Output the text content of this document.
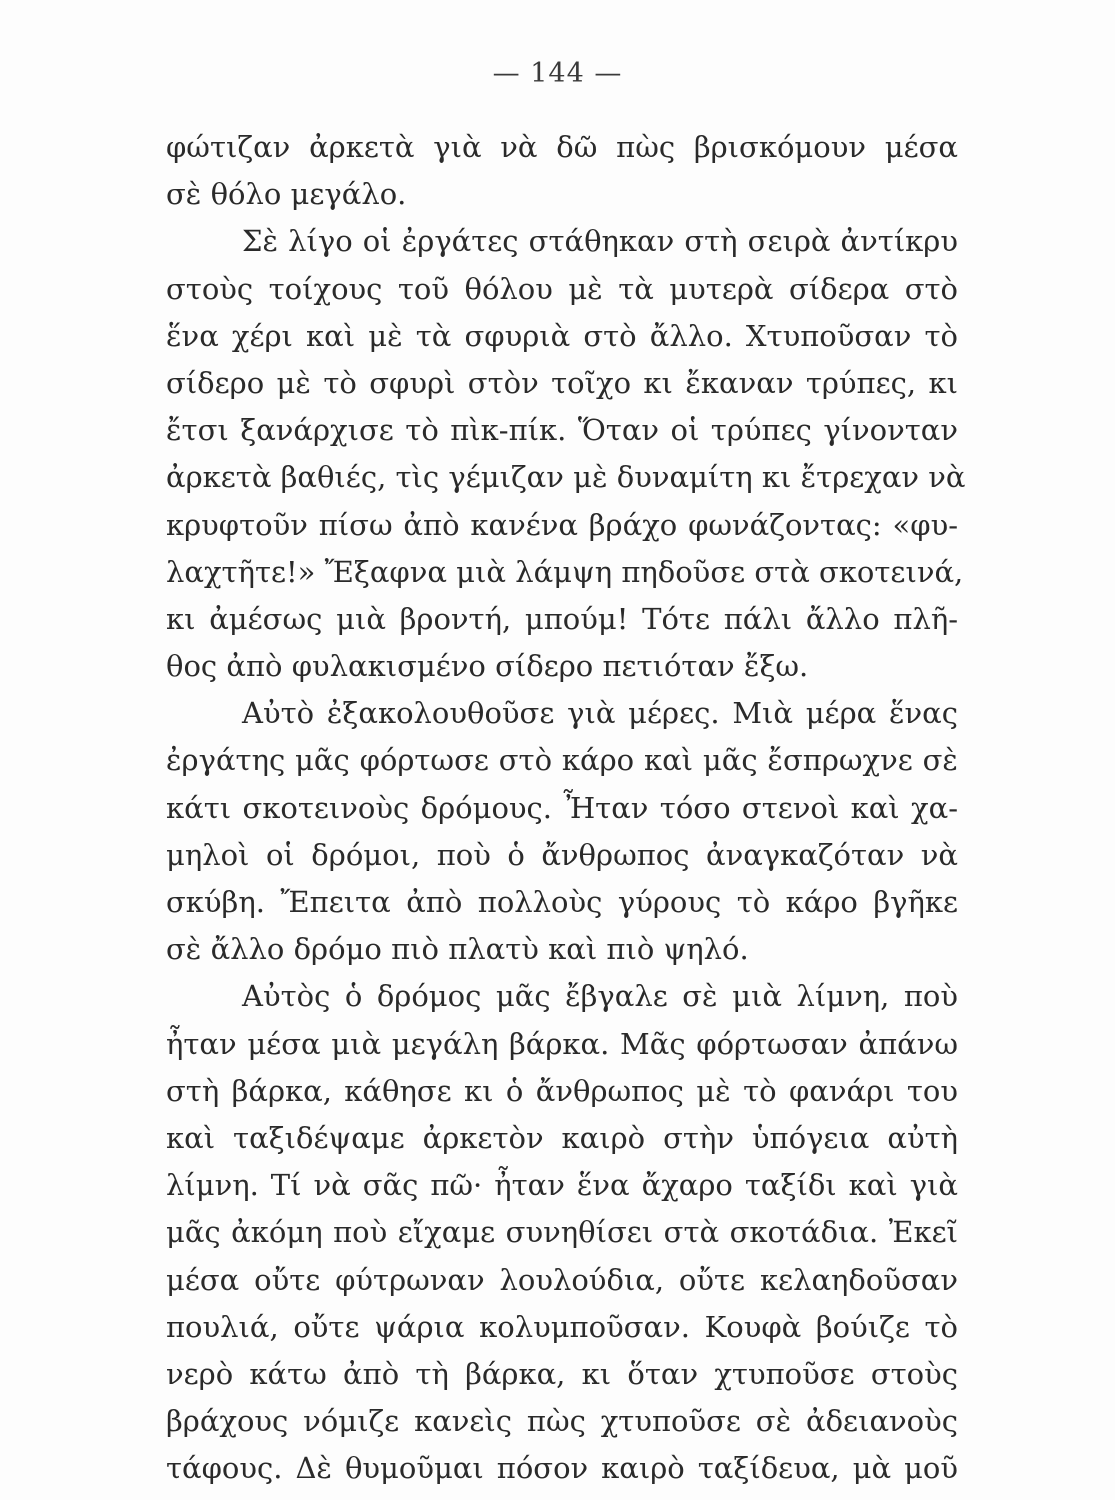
— 144 —
φώτιζαν ἀρκετὰ γιὰ νὰ δῶ πὼς βρισκόμουν μέσα
σὲ θόλο μεγάλο.
Σὲ λίγο οἱ ἐργάτες στάθηκαν στὴ σειρὰ ἀντίκρυ
στοὺς τοίχους τοῦ θόλου μὲ τὰ μυτερὰ σίδερα στὸ
ἕνα χέρι καὶ μὲ τὰ σφυριὰ στὸ ἄλλο. Χτυποῦσαν τὸ
σίδερο μὲ τὸ σφυρὶ στὸν τοῖχο κι ἔκαναν τρύπες, κι
ἔτσι ξανάρχισε τὸ πὶκ-πίκ. Ὅταν οἱ τρύπες γίνονταν
ἀρκετὰ βαθιές, τὶς γέμιζαν μὲ δυναμίτη κι ἔτρεχαν νὰ
κρυφτοῦν πίσω ἀπὸ κανένα βράχο φωνάζοντας: «φυ-
λαχτῆτε!» Ἔξαφνα μιὰ λάμψη πηδοῦσε στὰ σκοτεινά,
κι ἀμέσως μιὰ βροντή, μπούμ! Τότε πάλι ἄλλο πλῆ-
θος ἀπὸ φυλακισμένο σίδερο πετιόταν ἔξω.
Αὐτὸ ἐξακολουθοῦσε γιὰ μέρες. Μιὰ μέρα ἕνας
ἐργάτης μᾶς φόρτωσε στὸ κάρο καὶ μᾶς ἔσπρωχνε σὲ
κάτι σκοτεινοὺς δρόμους. Ἦταν τόσο στενοὶ καὶ χα-
μηλοὶ οἱ δρόμοι, ποὺ ὁ ἄνθρωπος ἀναγκαζόταν νὰ
σκύβη. Ἔπειτα ἀπὸ πολλοὺς γύρους τὸ κάρο βγῆκε
σὲ ἄλλο δρόμο πιὸ πλατὺ καὶ πιὸ ψηλό.
Αὐτὸς ὁ δρόμος μᾶς ἔβγαλε σὲ μιὰ λίμνη, ποὺ
ἦταν μέσα μιὰ μεγάλη βάρκα. Μᾶς φόρτωσαν ἀπάνω
στὴ βάρκα, κάθησε κι ὁ ἄνθρωπος μὲ τὸ φανάρι του
καὶ ταξιδέψαμε ἀρκετὸν καιρὸ στὴν ὑπόγεια αὐτὴ
λίμνη. Τί νὰ σᾶς πῶ· ἦταν ἕνα ἄχαρο ταξίδι καὶ γιὰ
μᾶς ἀκόμη ποὺ εἴχαμε συνηθίσει στὰ σκοτάδια. Ἐκεῖ
μέσα οὔτε φύτρωναν λουλούδια, οὔτε κελαηδοῦσαν
πουλιά, οὔτε ψάρια κολυμποῦσαν. Κουφὰ βούιζε τὸ
νερὸ κάτω ἀπὸ τὴ βάρκα, κι ὅταν χτυποῦσε στοὺς
βράχους νόμιζε κανεὶς πὼς χτυποῦσε σὲ ἀδειανοὺς
τάφους. Δὲ θυμοῦμαι πόσον καιρὸ ταξίδευα, μὰ μοῦ
